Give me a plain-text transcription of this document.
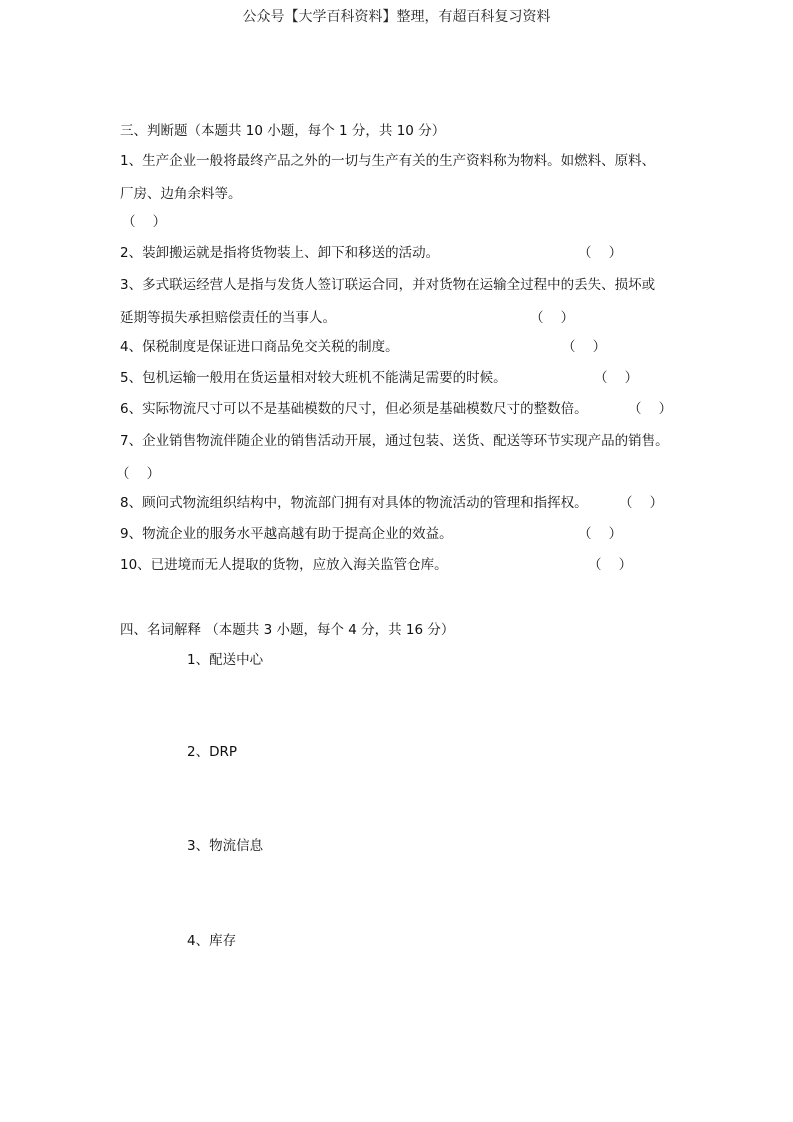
公众号【大学百科资料】整理，有超百科复习资料
三、判断题（本题共 10 小题，每个 1 分，共 10 分）
1、生产企业一般将最终产品之外的一切与生产有关的生产资料称为物料。如燃料、原料、
厂房、边角余料等。
（    ）
2、装卸搬运就是指将货物装上、卸下和移送的活动。	（    ）
3、多式联运经营人是指与发货人签订联运合同，并对货物在运输全过程中的丢失、损坏或
延期等损失承担赔偿责任的当事人。	（    ）
4、保税制度是保证进口商品免交关税的制度。	（    ）
5、包机运输一般用在货运量相对较大班机不能满足需要的时候。	（    ）
6、实际物流尺寸可以不是基础模数的尺寸，但必须是基础模数尺寸的整数倍。	（    ）
7、企业销售物流伴随企业的销售活动开展，通过包装、送货、配送等环节实现产品的销售。
（    ）
8、顾问式物流组织结构中，物流部门拥有对具体的物流活动的管理和指挥权。 （    ）
9、物流企业的服务水平越高越有助于提高企业的效益。	（    ）
10、已进境而无人提取的货物，应放入海关监管仓库。	（    ）
四、名词解释 （本题共 3 小题，每个 4 分，共 16 分）
1、配送中心
2、DRP
3、物流信息
4、库存
